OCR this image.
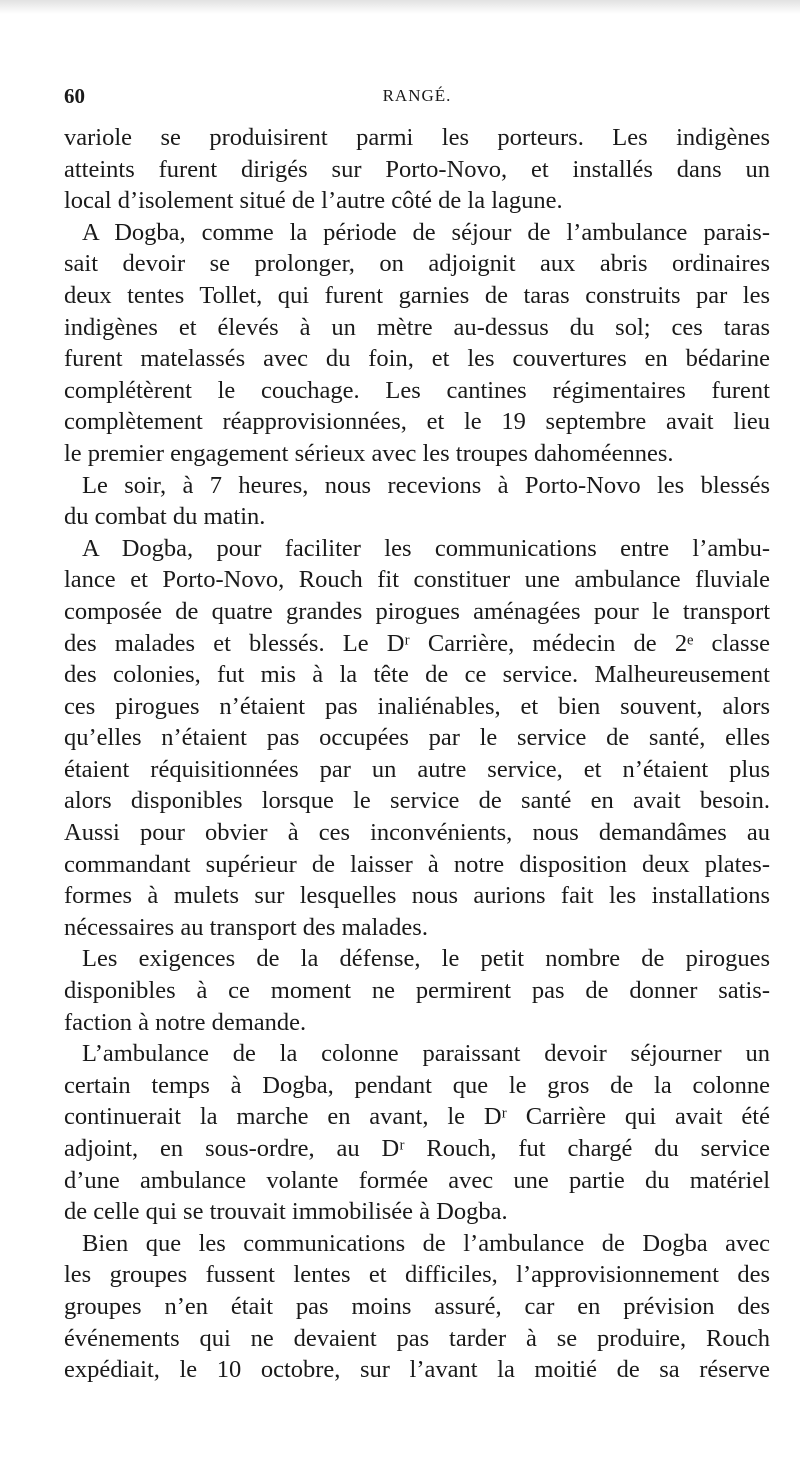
60	RANGÉ.
variole se produisirent parmi les porteurs. Les indigènes
atteints furent dirigés sur Porto-Novo, et installés dans un
local d’isolement situé de l’autre côté de la lagune.
A Dogba, comme la période de séjour de l’ambulance parais-
sait devoir se prolonger, on adjoignit aux abris ordinaires
deux tentes Tollet, qui furent garnies de taras construits par les
indigènes et élevés à un mètre au-dessus du sol; ces taras
furent matelassés avec du foin, et les couvertures en bédarine
complétèrent le couchage. Les cantines régimentaires furent
complètement réapprovisionnées, et le 19 septembre avait lieu
le premier engagement sérieux avec les troupes dahoméennes.
Le soir, à 7 heures, nous recevions à Porto-Novo les blessés
du combat du matin.
A Dogba, pour faciliter les communications entre l’ambu-
lance et Porto-Novo, Rouch fit constituer une ambulance fluviale
composée de quatre grandes pirogues aménagées pour le transport
des malades et blessés. Le Dʳ Carrière, médecin de 2ᵉ classe
des colonies, fut mis à la tête de ce service. Malheureusement
ces pirogues n’étaient pas inaliénables, et bien souvent, alors
qu’elles n’étaient pas occupées par le service de santé, elles
étaient réquisitionnées par un autre service, et n’étaient plus
alors disponibles lorsque le service de santé en avait besoin.
Aussi pour obvier à ces inconvénients, nous demandâmes au
commandant supérieur de laisser à notre disposition deux plates-
formes à mulets sur lesquelles nous aurions fait les installations
nécessaires au transport des malades.
Les exigences de la défense, le petit nombre de pirogues
disponibles à ce moment ne permirent pas de donner satis-
faction à notre demande.
L’ambulance de la colonne paraissant devoir séjourner un
certain temps à Dogba, pendant que le gros de la colonne
continuerait la marche en avant, le Dʳ Carrière qui avait été
adjoint, en sous-ordre, au Dʳ Rouch, fut chargé du service
d’une ambulance volante formée avec une partie du matériel
de celle qui se trouvait immobilisée à Dogba.
Bien que les communications de l’ambulance de Dogba avec
les groupes fussent lentes et difficiles, l’approvisionnement des
groupes n’en était pas moins assuré, car en prévision des
événements qui ne devaient pas tarder à se produire, Rouch
expédiait, le 10 octobre, sur l’avant la moitié de sa réserve
